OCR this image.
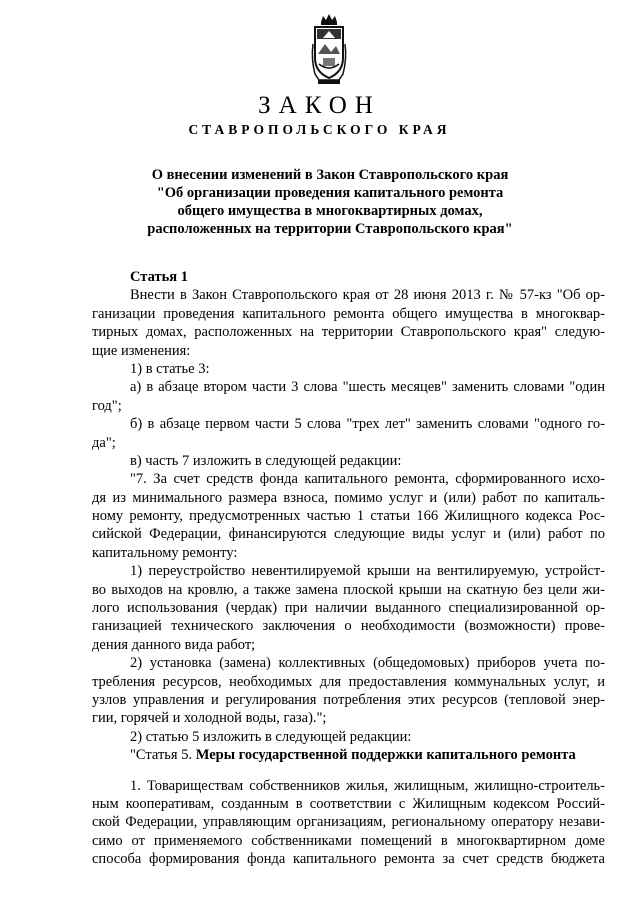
ЗАКОН
СТАВРОПОЛЬСКОГО КРАЯ
О внесении изменений в Закон Ставропольского края
"Об организации проведения капитального ремонта
общего имущества в многоквартирных домах,
расположенных на территории Ставропольского края"
Статья 1
Внести в Закон Ставропольского края от 28 июня 2013 г. № 57-кз "Об ор-
ганизации проведения капитального ремонта общего имущества в многоквар-
тирных домах, расположенных на территории Ставропольского края" следую-
щие изменения:
1) в статье 3:
а) в абзаце втором части 3 слова "шесть месяцев" заменить словами "один
год";
б) в абзаце первом части 5 слова "трех лет" заменить словами "одного го-
да";
в) часть 7 изложить в следующей редакции:
"7. За счет средств фонда капитального ремонта, сформированного исхо-
дя из минимального размера взноса, помимо услуг и (или) работ по капиталь-
ному ремонту, предусмотренных частью 1 статьи 166 Жилищного кодекса Рос-
сийской Федерации, финансируются следующие виды услуг и (или) работ по
капитальному ремонту:
1) переустройство невентилируемой крыши на вентилируемую, устройст-
во выходов на кровлю, а также замена плоской крыши на скатную без цели жи-
лого использования (чердак) при наличии выданного специализированной ор-
ганизацией технического заключения о необходимости (возможности) прове-
дения данного вида работ;
2) установка (замена) коллективных (общедомовых) приборов учета по-
требления ресурсов, необходимых для предоставления коммунальных услуг, и
узлов управления и регулирования потребления этих ресурсов (тепловой энер-
гии, горячей и холодной воды, газа).";
2) статью 5 изложить в следующей редакции:
"Статья 5. Меры государственной поддержки капитального ремонта
1. Товариществам собственников жилья, жилищным, жилищно-строитель-
ным кооперативам, созданным в соответствии с Жилищным кодексом Россий-
ской Федерации, управляющим организациям, региональному оператору незави-
симо от применяемого собственниками помещений в многоквартирном доме
способа формирования фонда капитального ремонта за счет средств бюджета
